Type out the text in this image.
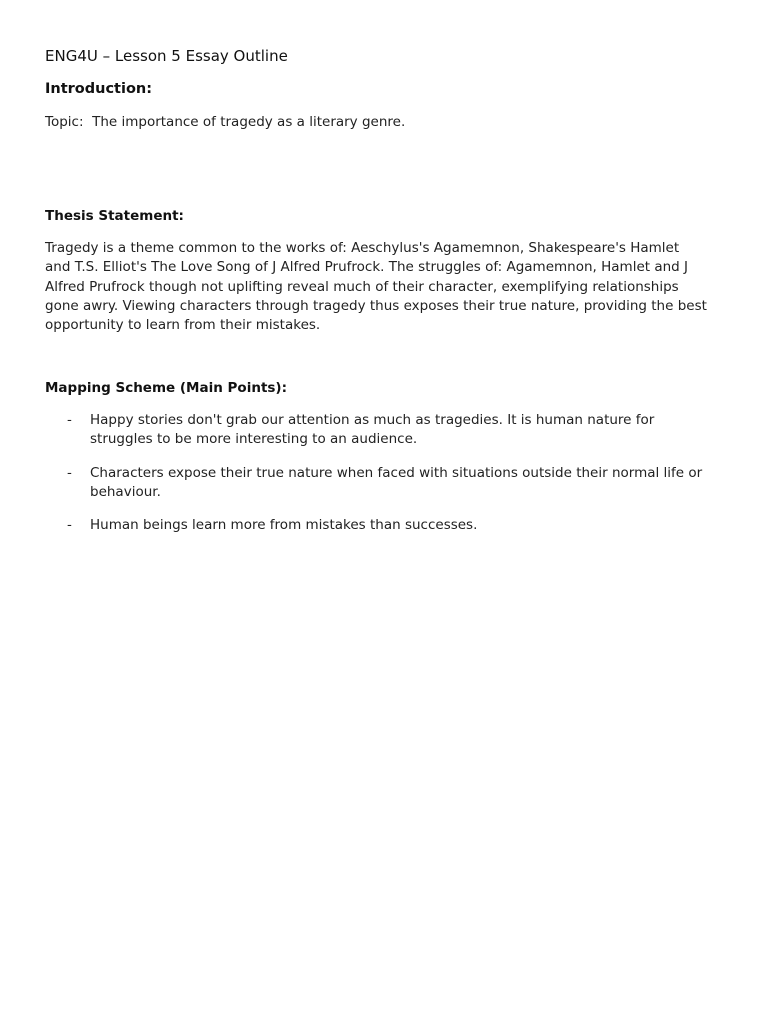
ENG4U – Lesson 5 Essay Outline
Introduction:

Topic:  The importance of tragedy as a literary genre.

Thesis Statement:

Tragedy is a theme common to the works of: Aeschylus's Agamemnon, Shakespeare's Hamlet
and T.S. Elliot's The Love Song of J Alfred Prufrock. The struggles of: Agamemnon, Hamlet and J
Alfred Prufrock though not uplifting reveal much of their character, exemplifying relationships
gone awry. Viewing characters through tragedy thus exposes their true nature, providing the best
opportunity to learn from their mistakes.

Mapping Scheme (Main Points):
-	Happy stories don't grab our attention as much as tragedies. It is human nature for
struggles to be more interesting to an audience.
-	Characters expose their true nature when faced with situations outside their normal life or
behaviour.
-	Human beings learn more from mistakes than successes.
